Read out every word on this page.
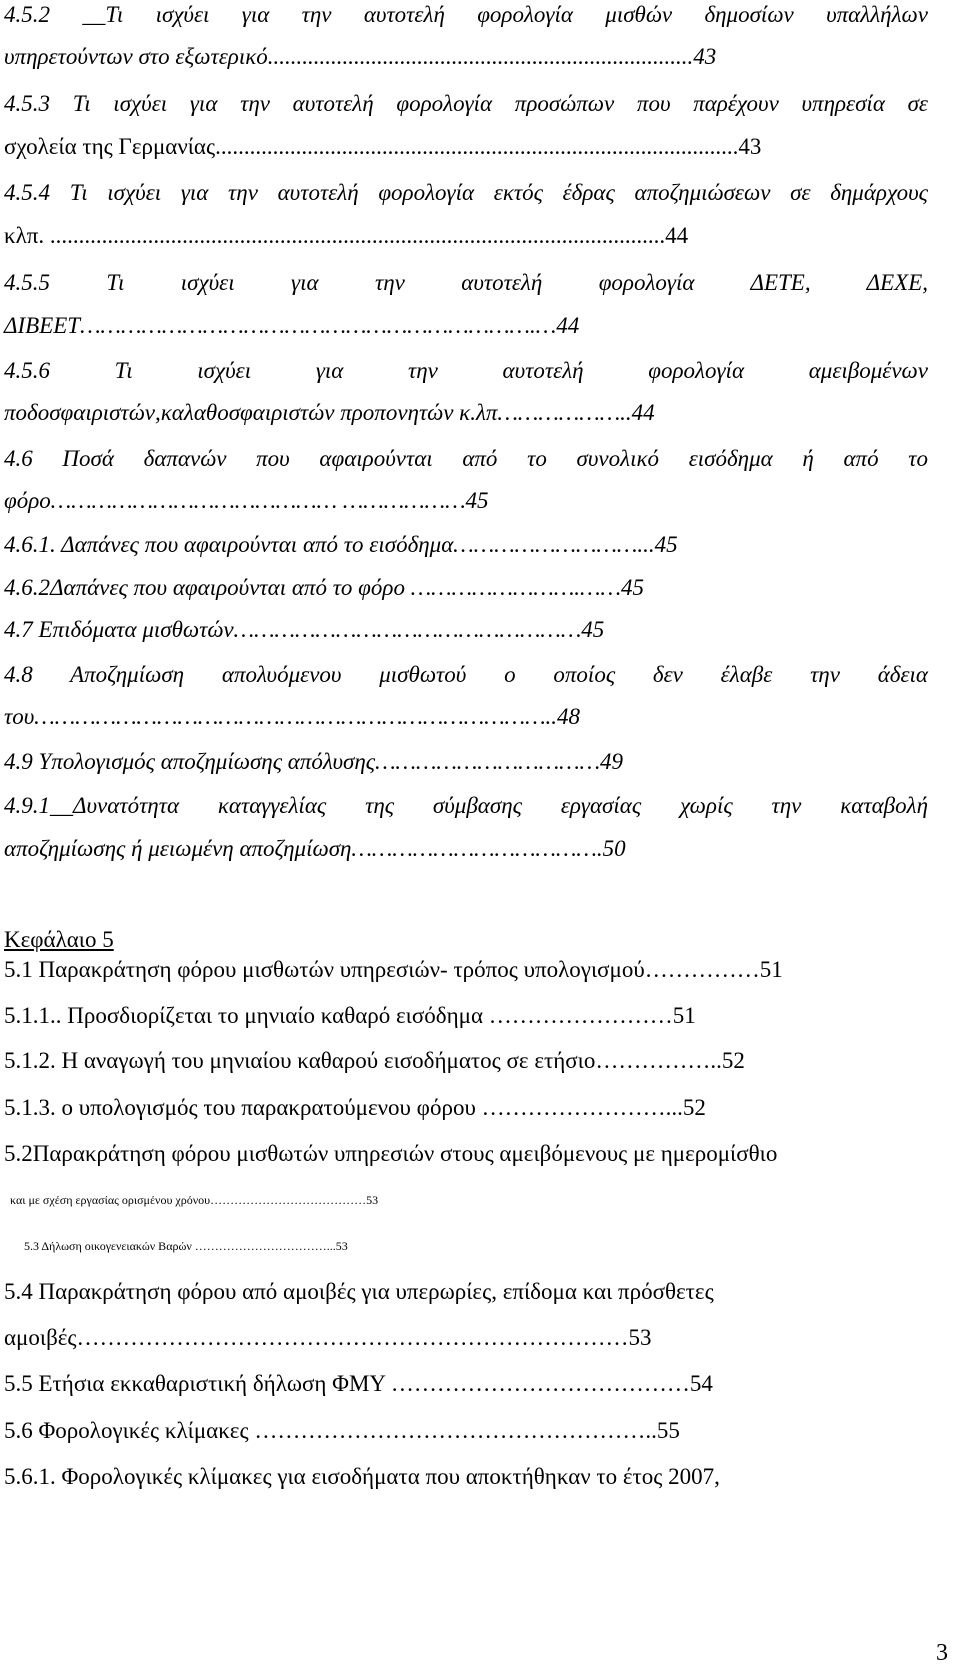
4.5.2 __Τι ισχύει για την αυτοτελή φορολογία μισθών δημοσίων υπαλλήλων
υπηρετούντων στο εξωτερικό..........................................................................43
4.5.3 Τι ισχύει για την αυτοτελή φορολογία προσώπων που παρέχουν υπηρεσία σε
σχολεία της Γερμανίας...........................................................................................43
4.5.4 Τι ισχύει για την αυτοτελή φορολογία εκτός έδρας αποζημιώσεων σε δημάρχους
κλπ. ...........................................................................................................44
4.5.5 Τι ισχύει για την αυτοτελή φορολογία ΔΕΤΕ, ΔΕΧΕ,
ΔΙΒΕΕΤ………………………………………………………….…44
4.5.6 Τι ισχύει για την αυτοτελή φορολογία αμειβομένων
ποδοσφαιριστών,καλαθοσφαιριστών προπονητών κ.λπ………………..44
4.6 Ποσά δαπανών που αφαιρούνται από το συνολικό εισόδημα ή από το
φόρο…………………………………… ………………45
4.6.1. Δαπάνες που αφαιρούνται από το εισόδημα………………………...45
4.6.2Δαπάνες που αφαιρούνται από το φόρο …………………….……45
4.7 Επιδόματα μισθωτών……………………………………………45
4.8 Αποζημίωση απολυόμενου μισθωτού ο οποίος δεν έλαβε την άδεια
του…………………………………………………………………..48
4.9 Υπολογισμός αποζημίωσης απόλυσης……………………………49
4.9.1__Δυνατότητα καταγγελίας της σύμβασης εργασίας χωρίς την καταβολή
αποζημίωσης ή μειωμένη αποζημίωση……………………………….50
Κεφάλαιο 5
5.1 Παρακράτηση φόρου μισθωτών υπηρεσιών- τρόπος υπολογισμού……………51
5.1.1.. Προσδιορίζεται το μηνιαίο καθαρό εισόδημα ……………………51
5.1.2. Η αναγωγή του μηνιαίου καθαρού εισοδήματος σε ετήσιο……………..52
5.1.3. ο υπολογισμός του παρακρατούμενου φόρου ……………………...52
5.2Παρακράτηση φόρου μισθωτών υπηρεσιών στους αμειβόμενους με ημερομίσθιο
και με σχέση εργασίας ορισμένου χρόνου…………………………………53
5.3 Δήλωση οικογενειακών Βαρών ……………………………...53
5.4 Παρακράτηση φόρου από αμοιβές για υπερωρίες, επίδομα και πρόσθετες
αμοιβές………………………………………………………………53
5.5 Ετήσια εκκαθαριστική δήλωση ΦΜΥ …………………………………54
5.6 Φορολογικές κλίμακες ……………………………………………..55
5.6.1. Φορολογικές κλίμακες για εισοδήματα που αποκτήθηκαν το έτος 2007,
3
